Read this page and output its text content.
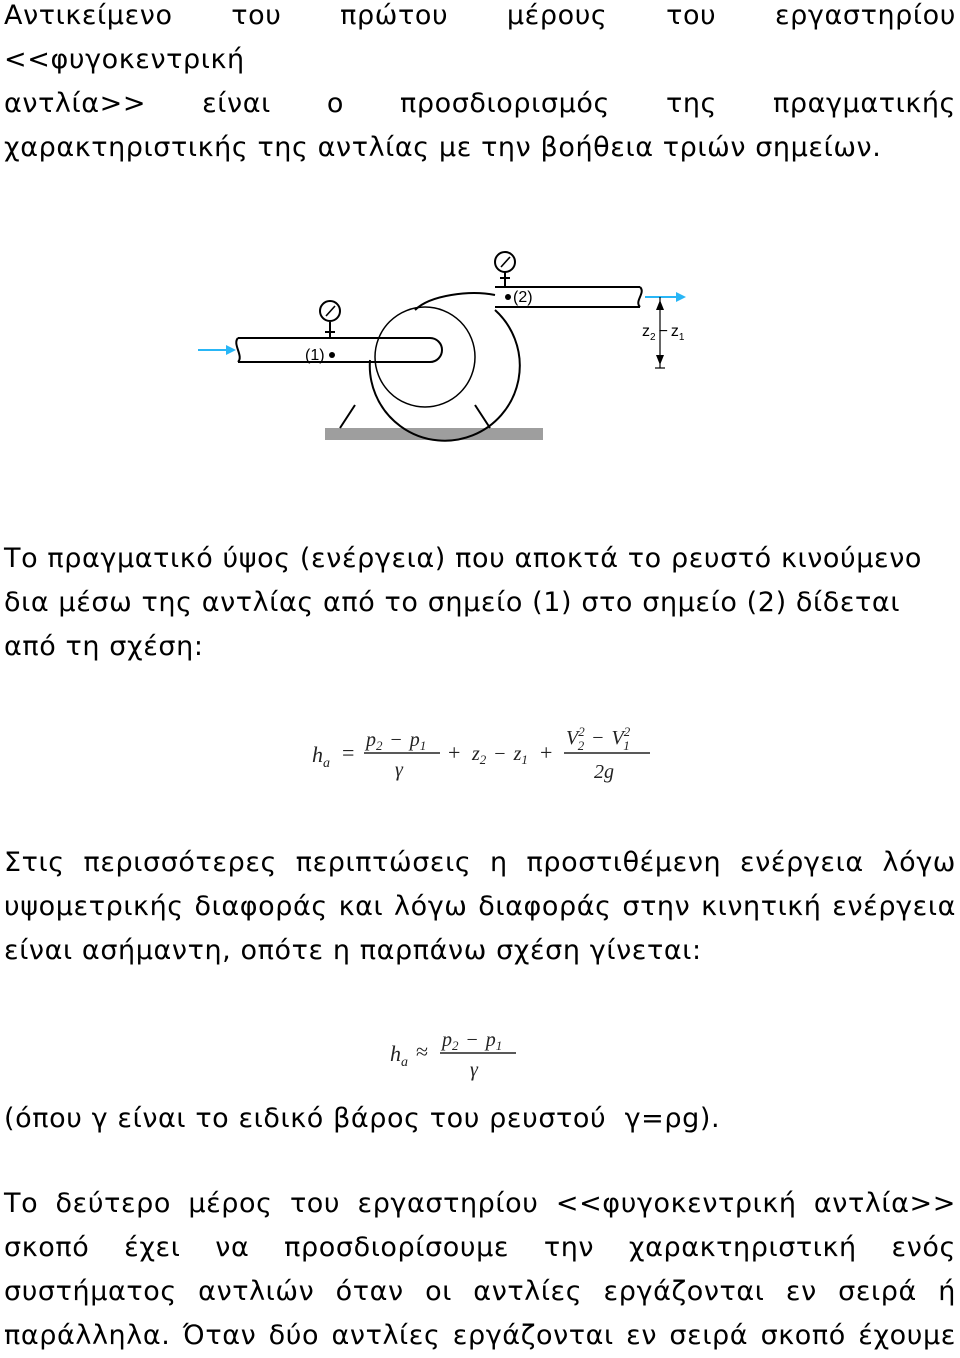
Αντικείμενο του πρώτου μέρους του εργαστηρίου <<φυγοκεντρική
αντλία>> είναι ο προσδιορισμός της πραγματικής
χαρακτηριστικής της αντλίας με την βοήθεια τριών σημείων.
(1)
(2)
$z_2 - z_1$
Το πραγματικό ύψος (ενέργεια) που αποκτά το ρευστό κινούμενο
δια μέσω της αντλίας από το σημείο (1) στο σημείο (2) δίδεται
από τη σχέση:
$h_a = p_2 - p_1$
γ
+ $z_2 - z_1$ +
$V^2$ $2 - V^2$ 1
2g
Στις περισσότερες περιπτώσεις η προστιθέμενη ενέργεια λόγω
υψομετρικής διαφοράς και λόγω διαφοράς στην κινητική ενέργεια
είναι ασήμαντη, οπότε η παρπάνω σχέση γίνεται:
$h_a \approx p_2 - p_1$
γ
(όπου γ είναι το ειδικό βάρος του ρευστού  γ=ρg).
Το δεύτερο μέρος του εργαστηρίου <<φυγοκεντρική αντλία>>
σκοπό έχει να προσδιορίσουμε την χαρακτηριστική ενός
συστήματος αντλιών όταν οι αντλίες εργάζονται εν σειρά ή
παράλληλα. Όταν δύο αντλίες εργάζονται εν σειρά σκοπό έχουμε
